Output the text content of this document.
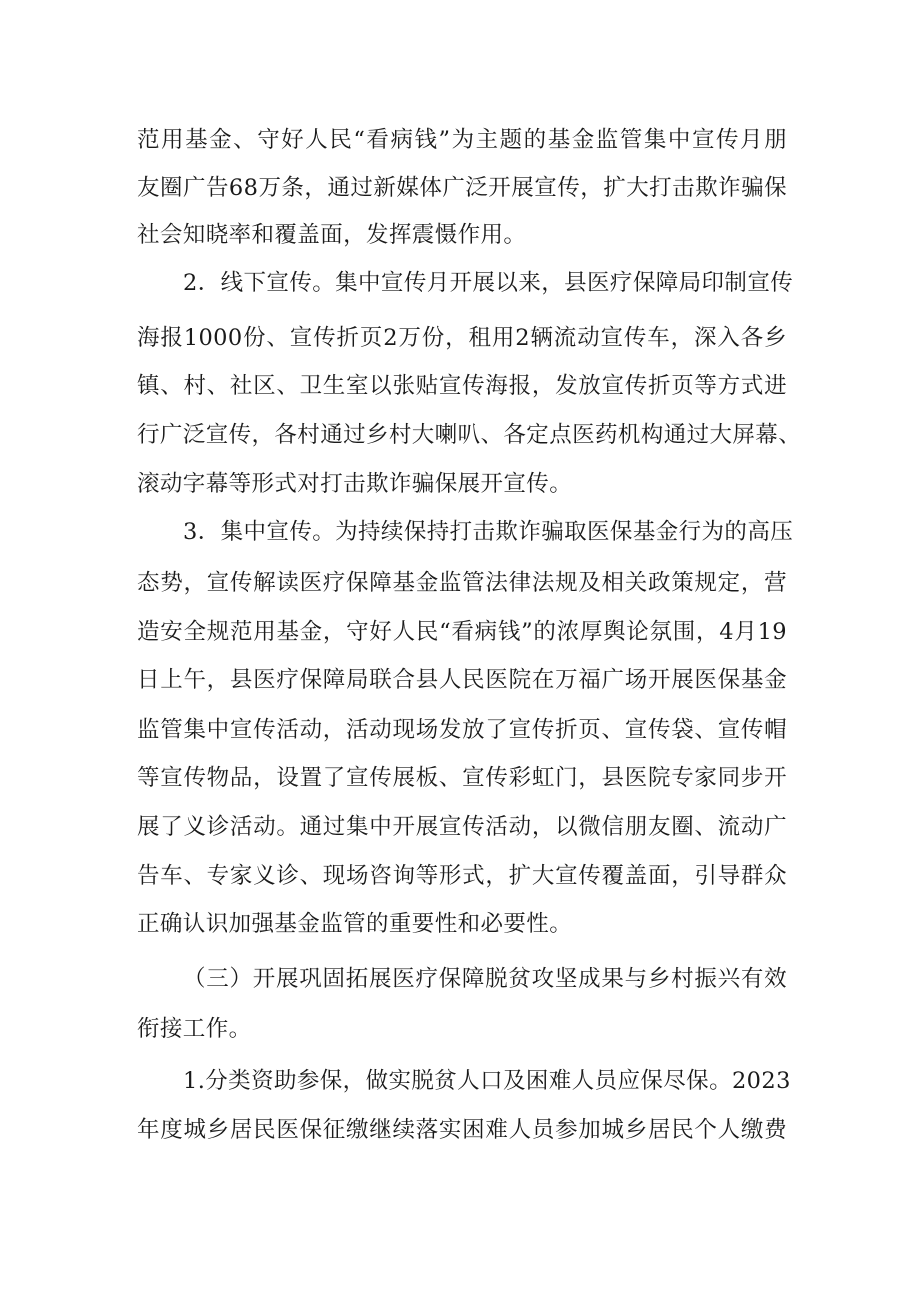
范用基金、守好人民“看病钱”为主题的基金监管集中宣传月朋
友圈广告68万条，通过新媒体广泛开展宣传，扩大打击欺诈骗保
社会知晓率和覆盖面，发挥震慑作用。
2．线下宣传。集中宣传月开展以来，县医疗保障局印制宣传
海报1000份、宣传折页2万份，租用2辆流动宣传车，深入各乡
镇、村、社区、卫生室以张贴宣传海报，发放宣传折页等方式进
行广泛宣传，各村通过乡村大喇叭、各定点医药机构通过大屏幕、
滚动字幕等形式对打击欺诈骗保展开宣传。
3．集中宣传。为持续保持打击欺诈骗取医保基金行为的高压
态势，宣传解读医疗保障基金监管法律法规及相关政策规定，营
造安全规范用基金，守好人民“看病钱”的浓厚舆论氛围，4月19
日上午，县医疗保障局联合县人民医院在万福广场开展医保基金
监管集中宣传活动，活动现场发放了宣传折页、宣传袋、宣传帽
等宣传物品，设置了宣传展板、宣传彩虹门，县医院专家同步开
展了义诊活动。通过集中开展宣传活动，以微信朋友圈、流动广
告车、专家义诊、现场咨询等形式，扩大宣传覆盖面，引导群众
正确认识加强基金监管的重要性和必要性。
（三）开展巩固拓展医疗保障脱贫攻坚成果与乡村振兴有效
衔接工作。
1.分类资助参保，做实脱贫人口及困难人员应保尽保。2023
年度城乡居民医保征缴继续落实困难人员参加城乡居民个人缴费
